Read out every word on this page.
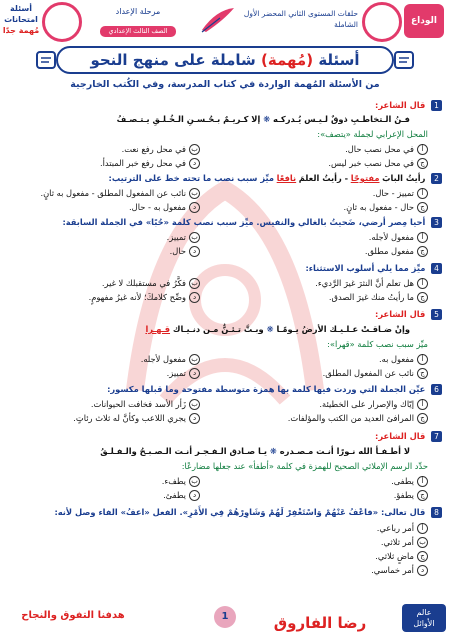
أسئلة
امتحانات
مُهمة جدًا
مرحلة الإعداد
الصف الثالث الإعدادي
حلقات المستوى الثاني المحضر الأول الشاملة	الوداع
أسئلة

(مُهمة)

شاملة على منهج النحو
من الأسئلة المُهمة الواردة في كتاب المدرسة، وفي الكُتب الخارجية
1 قال الشاعر:
فـنُ الـتخاطـبِ ذوقٌ لـيـس يُـدركـه ❋ إلا كـريـمٌ بـحُـسـنِ الـخُـلـقِ يـتـصـفُ
المحل الإعرابي لجملة «يتصف»:
أفي محل نصب حال.
بفي محل رفع نعت.
جفي محل نصب خبر ليس.
دفي محل رفع خبر المبتدأ.
2 رأيتُ البابَ مفتوحًا - رأيتُ العلمَ نافعًا ميِّز سبب نصب ما تحته خط على الترتيب:
أتمييز - حال.
بنائب عن المفعول المطلق - مفعول به ثانٍ.
جحال - مفعول به ثانٍ.
دمفعول به - حال.
3 أحيا مِصر أرضي، ضَحيتُ بالغالي والنفيس. ميِّز سبب نصب كلمة «حُبًا» في الجملة السابقة:
أمفعول لأجله.
بتمييز.
جمفعول مطلق.
دحال.
4 ميِّز مما يلي أسلوب الاستثناء:
أهل تعلم أنَّ النثرَ غيرَ الرَّديء.
بفكَّرُ في مستقبلك لا غير.
جما رأيتُ منك غيرَ الصدق.
دوضِّح كلامكَ؛ لأنه غيرُ مفهومٍ.
5 قال الشاعر:
وإنْ ضـاقـتْ عـلـيـك الأرضُ يـومًـا ❋ وبـتَّ تـئـنُّ مـن دنـيـاك قـهـرا
ميِّز سبب نصب كلمة «قهرا»:
أمفعول به.
بمفعول لأجله.
جنائب عن المفعول المطلق.
دتمييز.
6 عيِّن الجملة التي وردت فيها كلمة بها همزة متوسطة مفتوحة وما قبلها مكسور:
أإيّاك والإصرار على الخطيئة.
بزَأر الأسد فخافت الحيوانات.
جالمرافئ العديد من الكتب والمؤلفات.
ديجري اللاعب وكأنَّ له ثلاث رئاتٍ.
7 قال الشاعر:
لا أطـفـأ الله نـورًا أنـت مـصـدره ❋ يـا صـادق الـفـجـر أنـت الـصـبـحُ والـفـلـقُ
حدِّد الرسم الإملائي الصحيح للهمزة في كلمة «أطفأ» عند جعلها مضارعًا:
أيطفى.
بيطفء.
جيطفؤ.
ديطفئ.
8 قال تعالى: «فاعْفُ عَنْهُمْ وَاسْتَغْفِرْ لَهُمْ وَشَاوِرْهُمْ فِي الأَمْرِ». الفعل «اعفُ» الفاء وصل لأنه:
أأمر رباعي.
بأمر ثلاثي.
جماضٍ ثلاثي.
دأمر خماسي.
هدفنا التفوق والنجاح	1	رضا الفاروق
عالم
الأوائل
